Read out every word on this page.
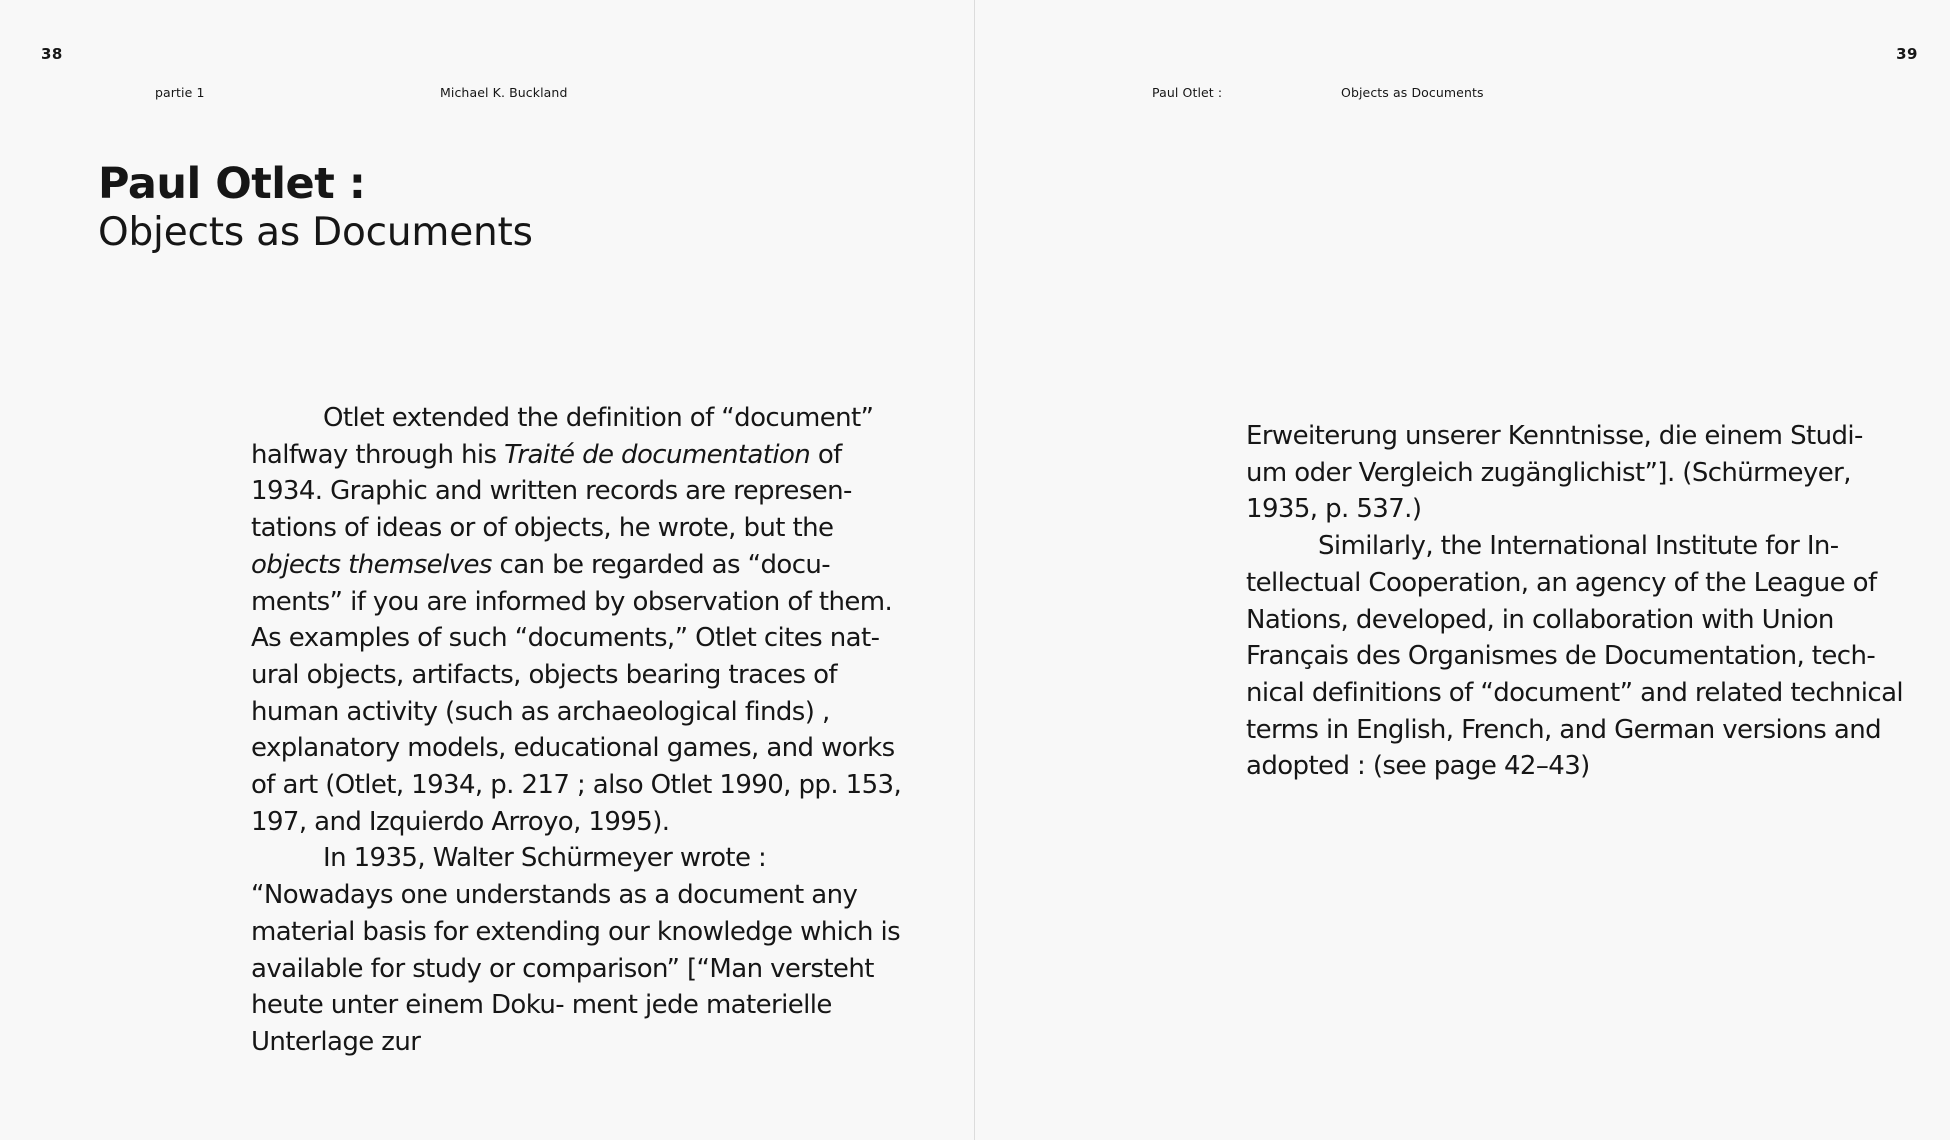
38
partie 1	Michael K. Buckland
Paul Otlet :
Objects as Documents

Otlet extended the definition of “document” halfway through his Traité de documentation of 1934. Graphic and written records are represen- tations of ideas or of objects, he wrote, but the objects themselves can be regarded as “docu- ments” if you are informed by observation of them. As examples of such “documents,” Otlet cites nat- ural objects, artifacts, objects bearing traces of human activity (such as archaeological finds) , explanatory models, educational games, and works of art (Otlet, 1934, p. 217 ; also Otlet 1990, pp. 153, 197, and Izquierdo Arroyo, 1995).

In 1935, Walter Schürmeyer wrote : “Nowadays one understands as a document any material basis for extending our knowledge which is available for study or comparison” [“Man versteht heute unter einem Doku- ment jede materielle Unterlage zur

39
Paul Otlet :	Objects as Documents

Erweiterung unserer Kenntnisse, die einem Studi- um oder Vergleich zugänglichist”]. (Schürmeyer, 1935, p. 537.)

Similarly, the International Institute for In- tellectual Cooperation, an agency of the League of Nations, developed, in collaboration with Union Français des Organismes de Documentation, tech- nical definitions of “document” and related technical terms in English, French, and German versions and adopted : (see page 42–43)
